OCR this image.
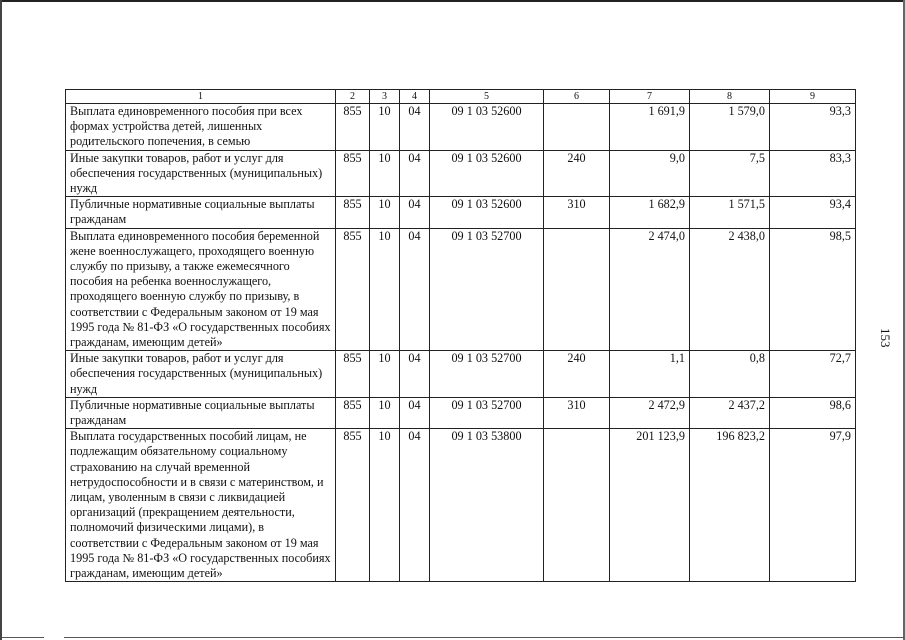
1	2	3	4	5	6	7	8	9
Выплата единовременного пособия при всех формах устройства детей, лишенных родительского попечения, в семью	855	10	04	09 1 03 52600		1 691,9	1 579,0	93,3
Иные закупки товаров, работ и услуг для обеспечения государственных (муниципальных) нужд	855	10	04	09 1 03 52600	240	9,0	7,5	83,3
Публичные нормативные социальные выплаты гражданам	855	10	04	09 1 03 52600	310	1 682,9	1 571,5	93,4
Выплата единовременного пособия беременной жене военнослужащего, проходящего военную службу по призыву, а также ежемесячного пособия на ребенка военнослужащего, проходящего военную службу по призыву, в соответствии с Федеральным законом от 19 мая 1995 года № 81-ФЗ «О государственных пособиях гражданам, имеющим детей»	855	10	04	09 1 03 52700		2 474,0	2 438,0	98,5
Иные закупки товаров, работ и услуг для обеспечения государственных (муниципальных) нужд	855	10	04	09 1 03 52700	240	1,1	0,8	72,7
Публичные нормативные социальные выплаты гражданам	855	10	04	09 1 03 52700	310	2 472,9	2 437,2	98,6
Выплата государственных пособий лицам, не подлежащим обязательному социальному страхованию на случай временной нетрудоспособности и в связи с материнством, и лицам, уволенным в связи с ликвидацией организаций (прекращением деятельности, полномочий физическими лицами), в соответствии с Федеральным законом от 19 мая 1995 года № 81-ФЗ «О государственных пособиях гражданам, имеющим детей»	855	10	04	09 1 03 53800		201 123,9	196 823,2	97,9
153
